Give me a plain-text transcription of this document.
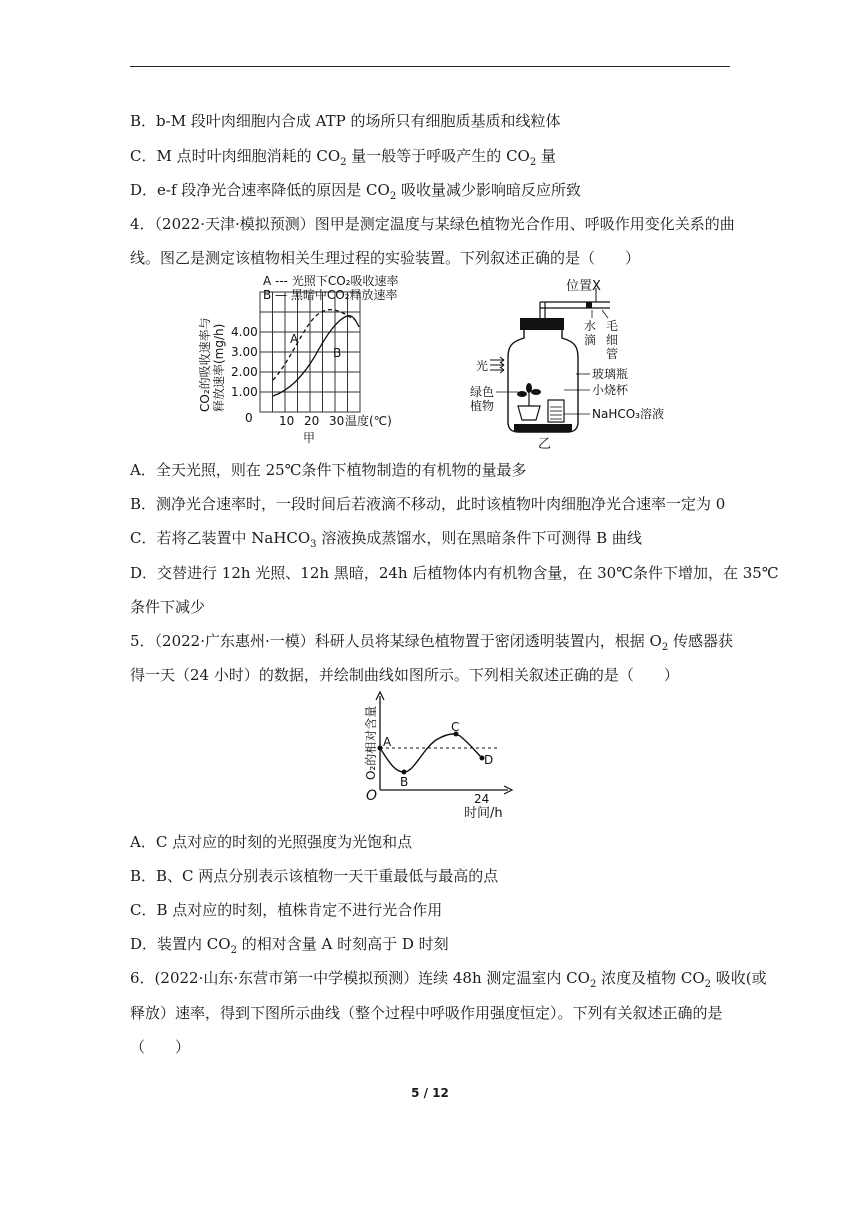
B．b-M 段叶肉细胞内合成 ATP 的场所只有细胞质基质和线粒体
C．M 点时叶肉细胞消耗的 $CO_2$ 量一般等于呼吸产生的 $CO_2$ 量
D．e-f 段净光合速率降低的原因是 $CO_2$ 吸收量减少影响暗反应所致
4．（2022·天津·模拟预测）图甲是测定温度与某绿色植物光合作用、呼吸作用变化关系的曲
线。图乙是测定该植物相关生理过程的实验装置。下列叙述正确的是（　　）
A --- 光照下CO₂吸收速率
B — 黑暗中CO₂释放速率
A
B
1.00
2.00
3.00
4.00
0 10 20 30 温度(℃)
甲
CO₂的吸收速率与 释放速率(mg/h)
位置X
水
滴
毛
细
管
光
玻璃瓶
小烧杯
NaHCO₃溶液
绿色
植物
乙
A．全天光照，则在 25℃条件下植物制造的有机物的量最多
B．测净光合速率时，一段时间后若液滴不移动，此时该植物叶肉细胞净光合速率一定为 0
C．若将乙装置中 NaHCO$_3$ 溶液换成蒸馏水，则在黑暗条件下可测得 B 曲线
D．交替进行 12h 光照、12h 黑暗，24h 后植物体内有机物含量，在 30℃条件下增加，在 35℃
条件下减少
5．（2022·广东惠州·一模）科研人员将某绿色植物置于密闭透明装置内，根据 $O_2$ 传感器获
得一天（24 小时）的数据，并绘制曲线如图所示。下列相关叙述正确的是（　　）
A
B
C
D
O	24
时间/h
O₂的相对含量
A．C 点对应的时刻的光照强度为光饱和点
B．B、C 两点分别表示该植物一天干重最低与最高的点
C．B 点对应的时刻，植株肯定不进行光合作用
D．装置内 $CO_2$ 的相对含量 A 时刻高于 D 时刻
6．(2022·山东·东营市第一中学模拟预测）连续 48h 测定温室内 $CO_2$ 浓度及植物 $CO_2$ 吸收(或
释放）速率，得到下图所示曲线（整个过程中呼吸作用强度恒定）。下列有关叙述正确的是
（　　）
5 / 12
